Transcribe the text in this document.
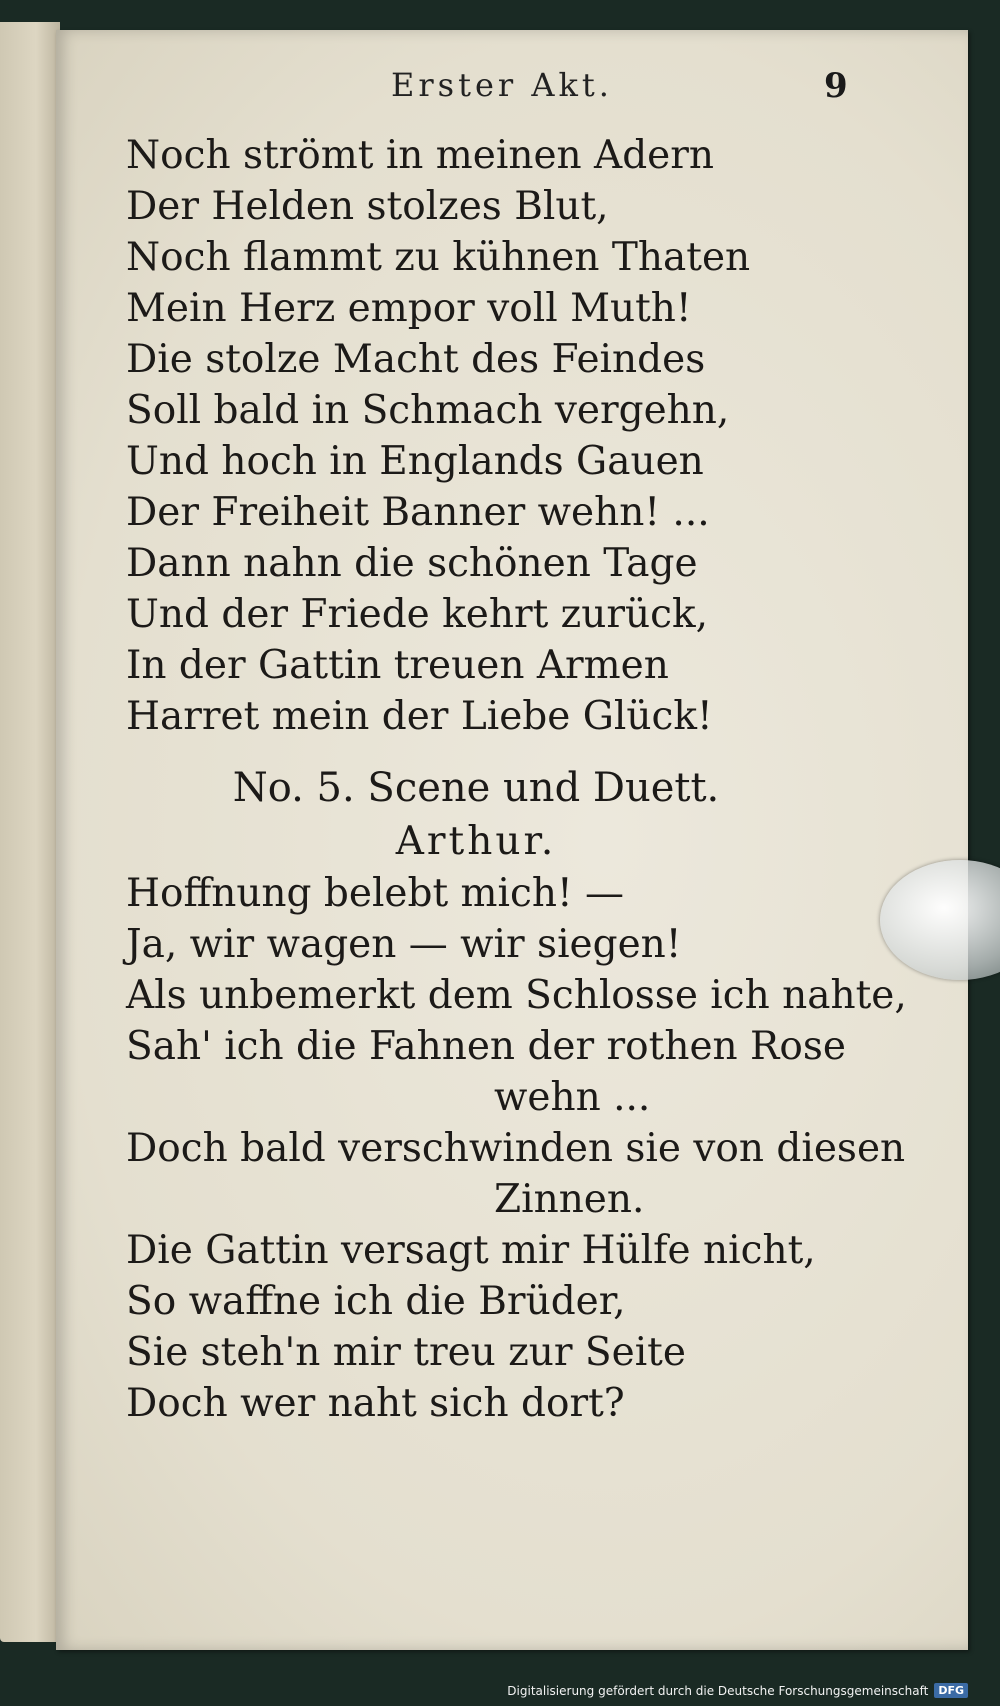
Erster Akt.	9
Noch strömt in meinen Adern
Der Helden stolzes Blut,
Noch flammt zu kühnen Thaten
Mein Herz empor voll Muth!
Die stolze Macht des Feindes
Soll bald in Schmach vergehn,
Und hoch in Englands Gauen
Der Freiheit Banner wehn! ...
Dann nahn die schönen Tage
Und der Friede kehrt zurück,
In der Gattin treuen Armen
Harret mein der Liebe Glück!
No. 5. Scene und Duett.
Arthur.
Hoffnung belebt mich! —
Ja, wir wagen — wir siegen!
Als unbemerkt dem Schlosse ich nahte,
Sah' ich die Fahnen der rothen Rose
wehn ...
Doch bald verschwinden sie von diesen
Zinnen.
Die Gattin versagt mir Hülfe nicht,
So waffne ich die Brüder,
Sie steh'n mir treu zur Seite
Doch wer naht sich dort?
Digitalisierung gefördert durch die Deutsche Forschungsgemeinschaft DFG
